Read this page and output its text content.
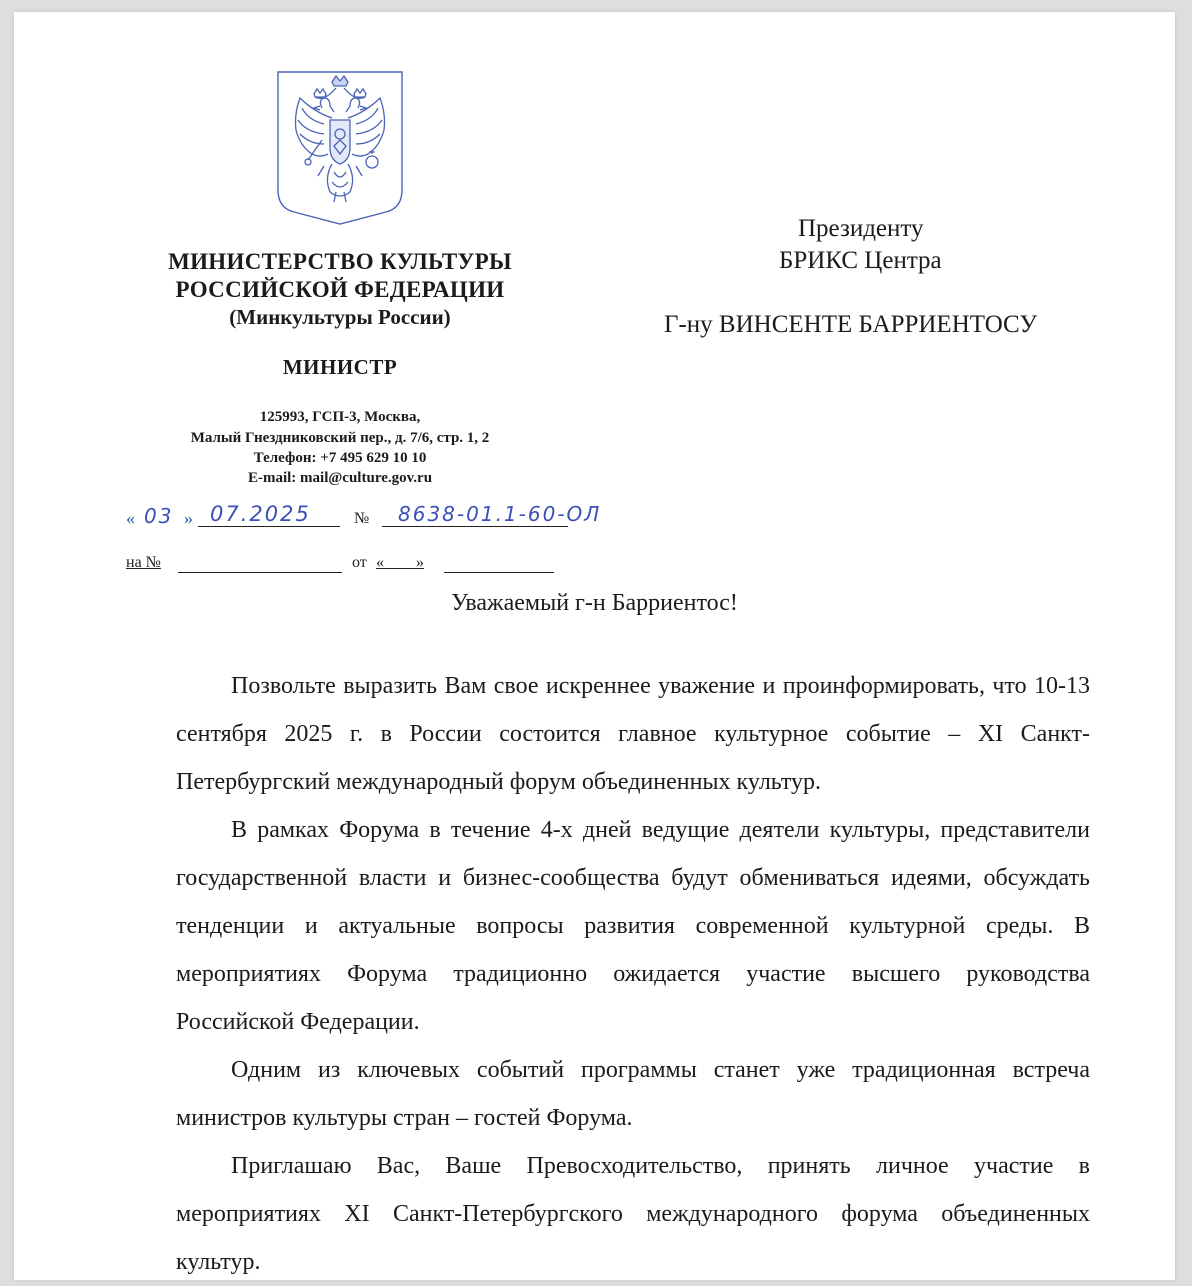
МИНИСТЕРСТВО КУЛЬТУРЫ
РОССИЙСКОЙ ФЕДЕРАЦИИ
(Минкультуры России)
МИНИСТР
125993, ГСП-3, Москва,
Малый Гнездниковский пер., д. 7/6, стр. 1, 2
Телефон: +7 495 629 10 10
E-mail: mail@culture.gov.ru
« 03 » 07.2025	№ 8638-01.1-60-ОЛ
на №	от «        »
Президенту
БРИКС Центра
Г-ну ВИНСЕНТЕ БАРРИЕНТОСУ
Уважаемый г-н Барриентос!

Позвольте выразить Вам свое искреннее уважение и проинформировать, что 10-13 сентября 2025 г. в России состоится главное культурное событие – XI Санкт-Петербургский международный форум объединенных культур.

В рамках Форума в течение 4-х дней ведущие деятели культуры, представители государственной власти и бизнес-сообщества будут обмениваться идеями, обсуждать тенденции и актуальные вопросы развития современной культурной среды. В мероприятиях Форума традиционно ожидается участие высшего руководства Российской Федерации.

Одним из ключевых событий программы станет уже традиционная встреча министров культуры стран – гостей Форума.

Приглашаю Вас, Ваше Превосходительство, принять личное участие в мероприятиях XI Санкт-Петербургского международного форума объединенных культур.
